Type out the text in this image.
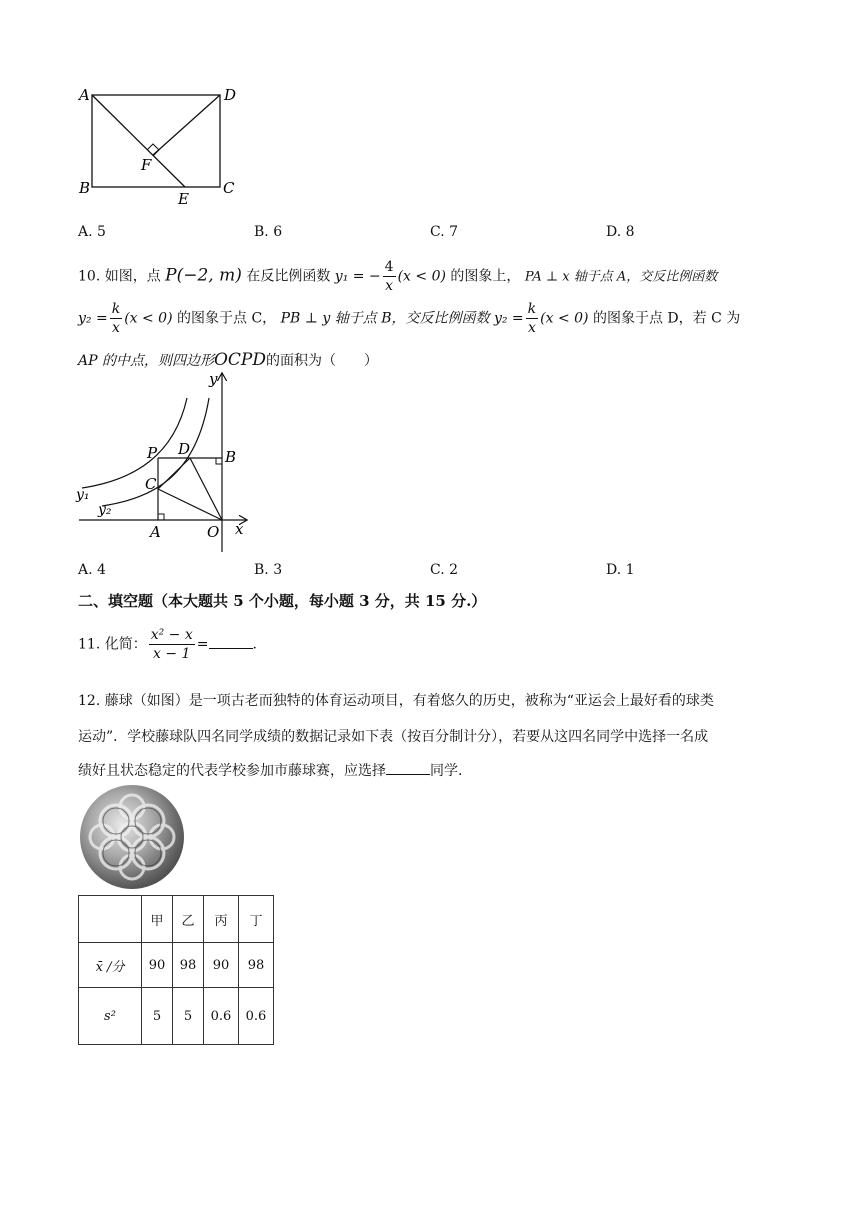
A	D
B	C
E
F
A. 5	B. 6	C. 7	D. 8
10. 如图，点 P(−2, m) 在反比例函数 y₁ = − $\frac{4}{x} (x < 0)$ 的图象上， PA ⊥ x 轴于点 A，交反比例函数
$y_2 = \frac{k}{x} (x < 0)$ 的图象于点 C， PB ⊥ y 轴于点 B，交反比例函数 $y_2 = \frac{k}{x} (x < 0)$ 的图象于点 D，若 C 为
AP 的中点，则四边形OCPD的面积为（　　）
y
x
P D B
C
A	O
y₁
y₂
A. 4	B. 3	C. 2	D. 1
二、填空题（本大题共 5 个小题，每小题 3 分，共 15 分.）
11. 化简： $\frac{\text{x² − x}}{x - 1}$ =	.
12. 藤球（如图）是一项古老而独特的体育运动项目，有着悠久的历史，被称为“亚运会上最好看的球类
运动”．学校藤球队四名同学成绩的数据记录如下表（按百分制计分），若要从这四名同学中选择一名成
绩好且状态稳定的代表学校参加市藤球赛，应选择	同学.
	甲	乙	丙	丁
x̄ /分	90	98	90	98
s²	5	5	0.6	0.6
